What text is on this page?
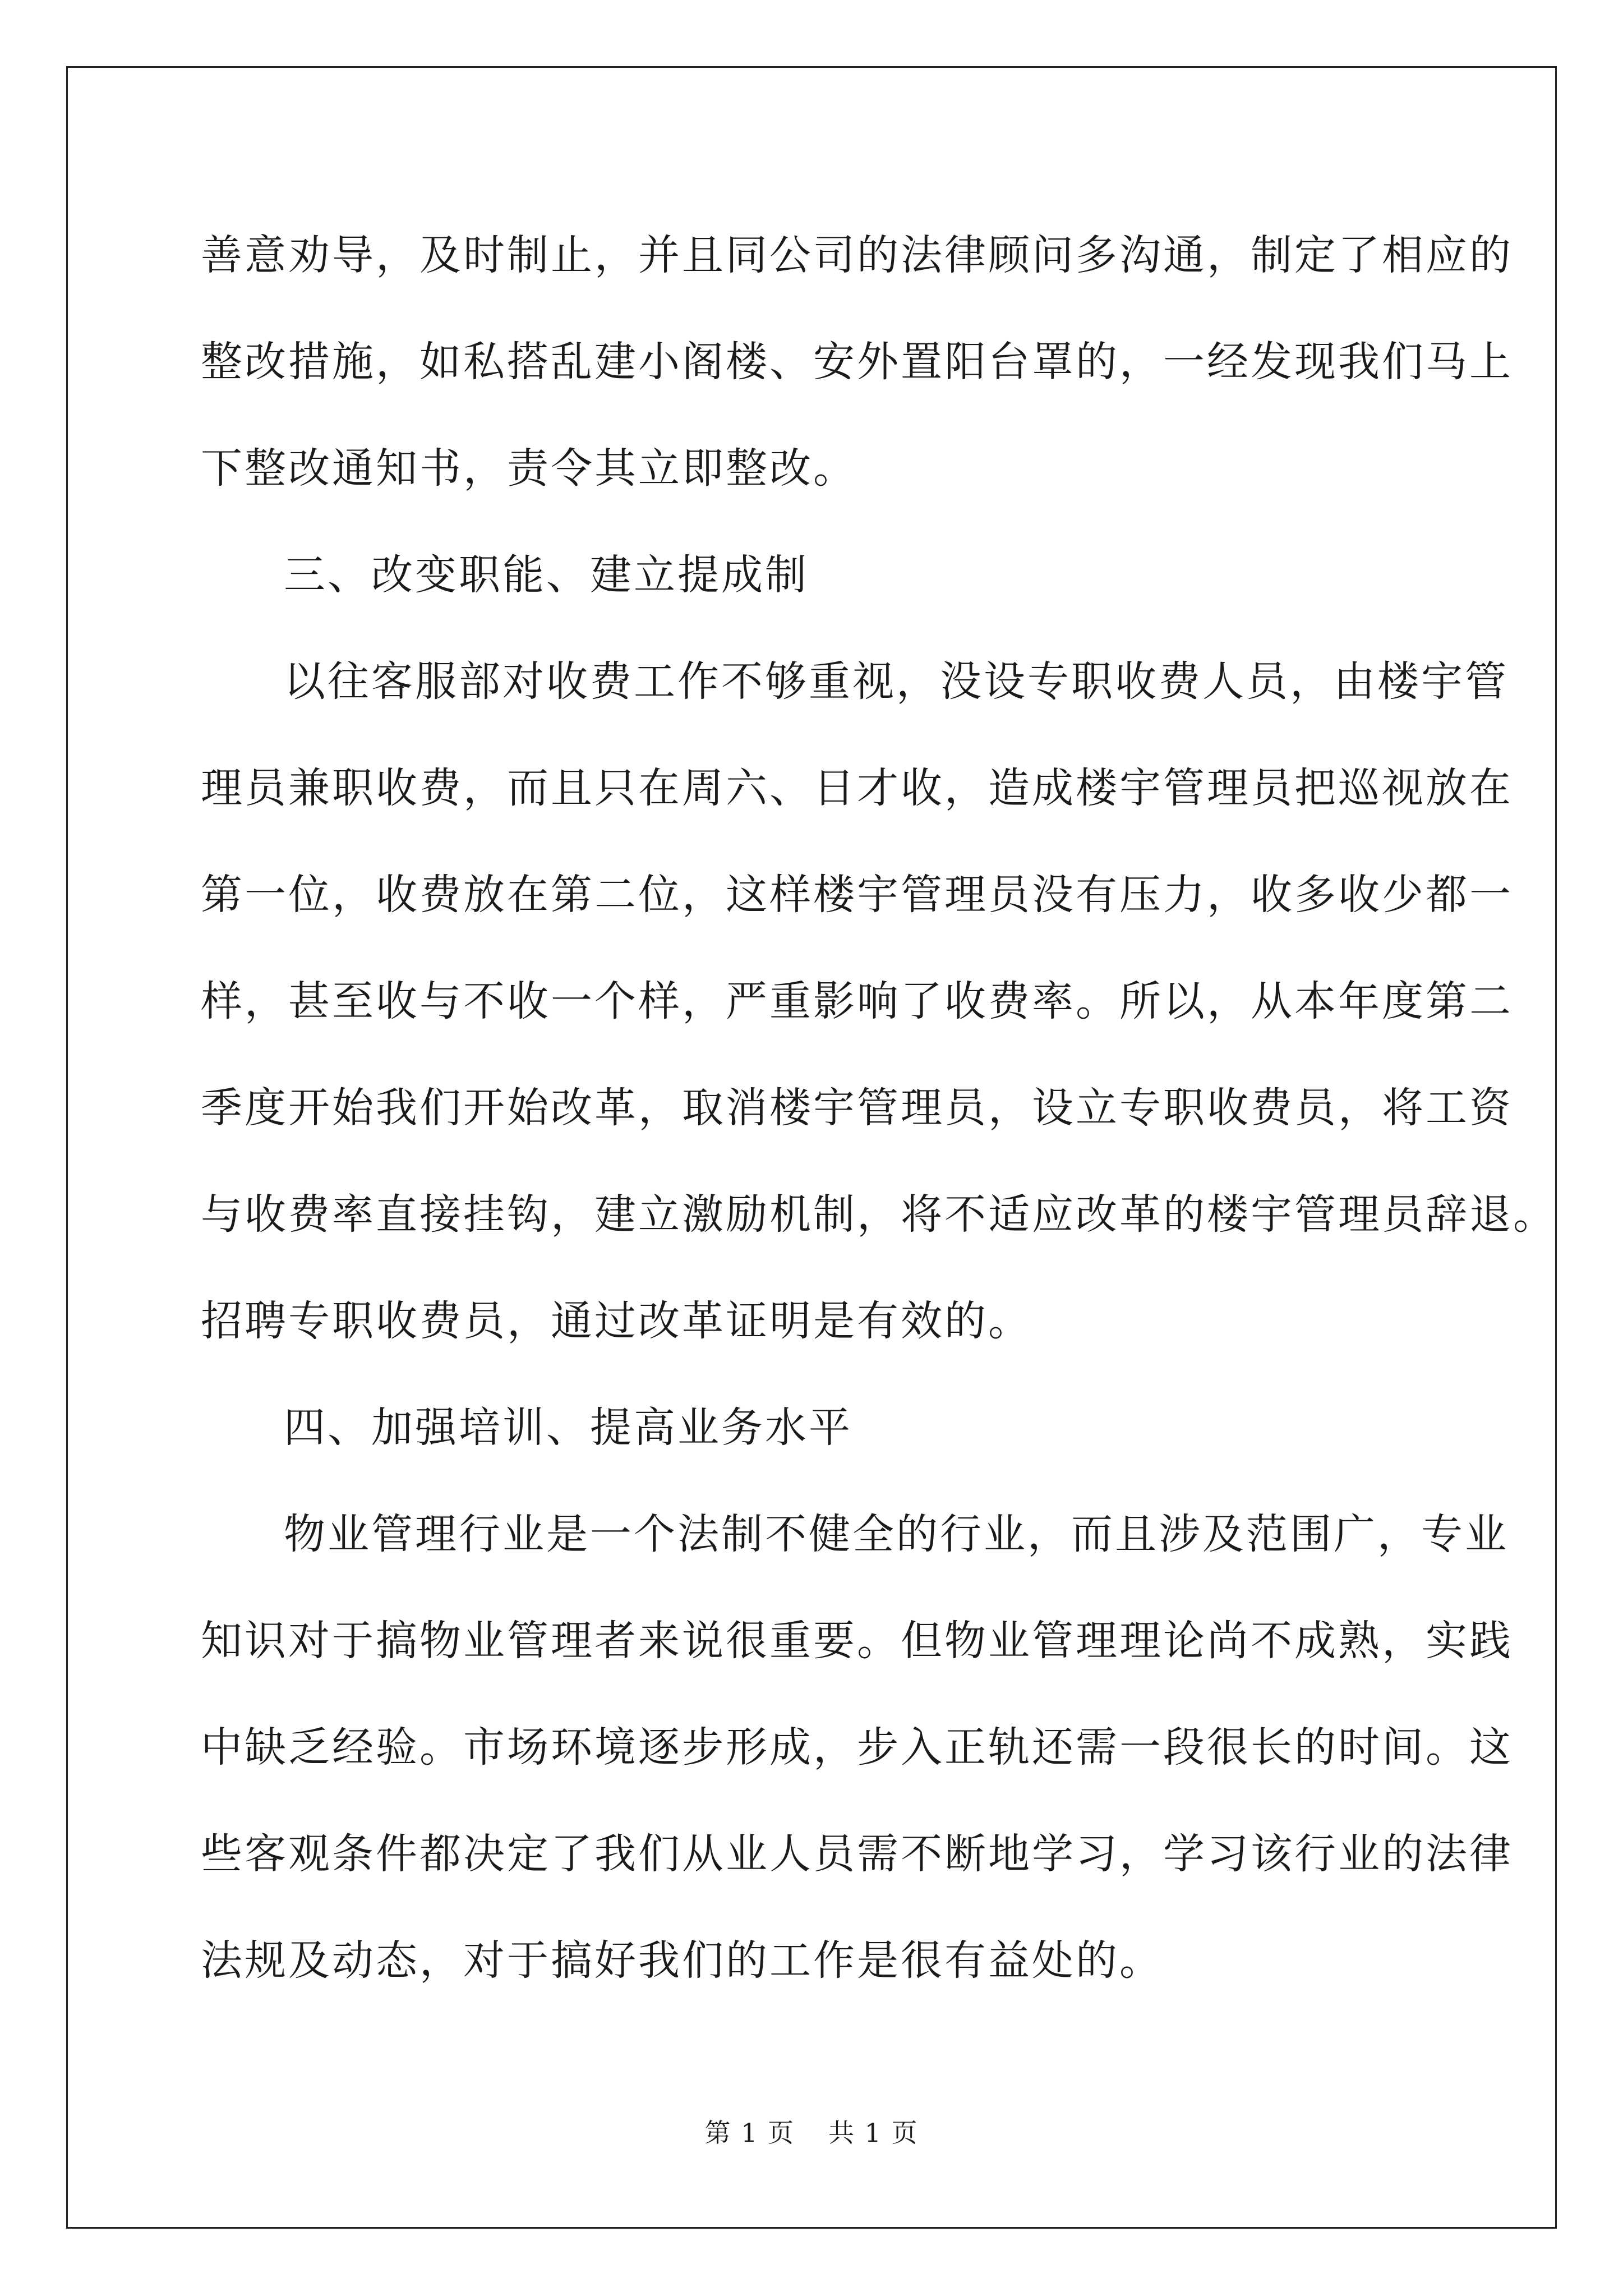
善意劝导，及时制止，并且同公司的法律顾问多沟通，制定了相应的
整改措施，如私搭乱建小阁楼、安外置阳台罩的，一经发现我们马上
下整改通知书，责令其立即整改。
三、改变职能、建立提成制
以往客服部对收费工作不够重视，没设专职收费人员，由楼宇管
理员兼职收费，而且只在周六、日才收，造成楼宇管理员把巡视放在
第一位，收费放在第二位，这样楼宇管理员没有压力，收多收少都一
样，甚至收与不收一个样，严重影响了收费率。所以，从本年度第二
季度开始我们开始改革，取消楼宇管理员，设立专职收费员，将工资
与收费率直接挂钩，建立激励机制，将不适应改革的楼宇管理员辞退。
招聘专职收费员，通过改革证明是有效的。
四、加强培训、提高业务水平
物业管理行业是一个法制不健全的行业，而且涉及范围广，专业
知识对于搞物业管理者来说很重要。但物业管理理论尚不成熟，实践
中缺乏经验。市场环境逐步形成，步入正轨还需一段很长的时间。这
些客观条件都决定了我们从业人员需不断地学习，学习该行业的法律
法规及动态，对于搞好我们的工作是很有益处的。
第 1 页 共 1 页
